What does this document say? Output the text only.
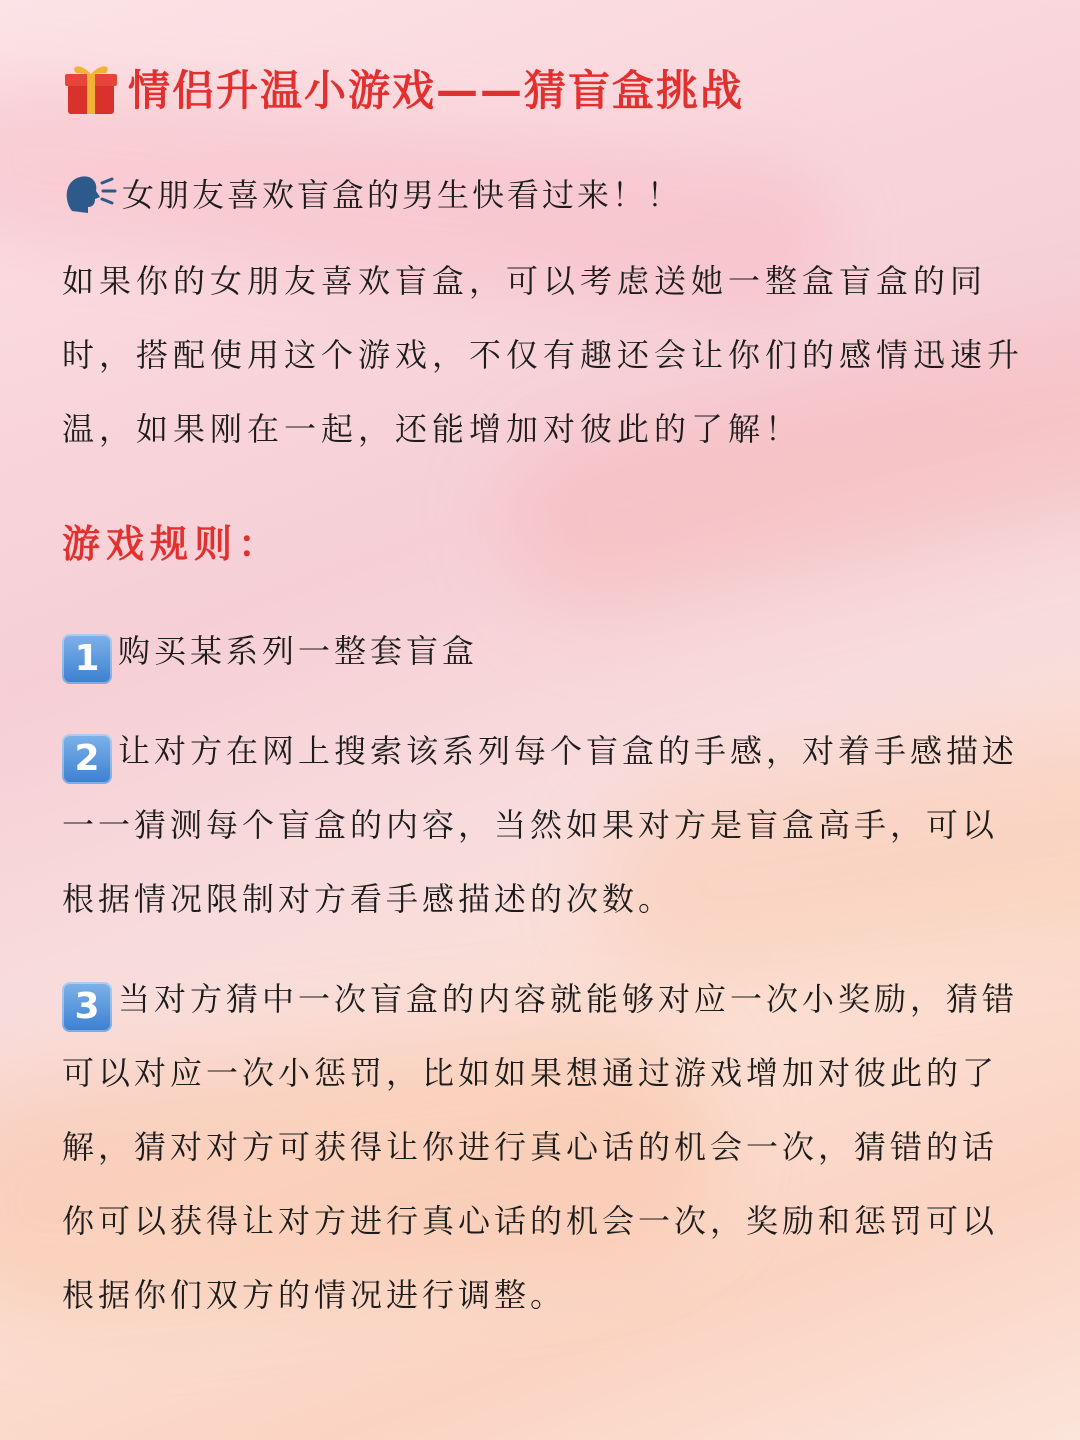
情侣升温小游戏——猜盲盒挑战
女朋友喜欢盲盒的男生快看过来！！
如果你的女朋友喜欢盲盒，可以考虑送她一整盒盲盒的同时，搭配使用这个游戏，不仅有趣还会让你们的感情迅速升温，如果刚在一起，还能增加对彼此的了解！
游戏规则：
1 购买某系列一整套盲盒
2 让对方在网上搜索该系列每个盲盒的手感，对着手感描述一一猜测每个盲盒的内容，当然如果对方是盲盒高手，可以根据情况限制对方看手感描述的次数。
3 当对方猜中一次盲盒的内容就能够对应一次小奖励，猜错可以对应一次小惩罚，比如如果想通过游戏增加对彼此的了解，猜对对方可获得让你进行真心话的机会一次，猜错的话你可以获得让对方进行真心话的机会一次，奖励和惩罚可以根据你们双方的情况进行调整。
